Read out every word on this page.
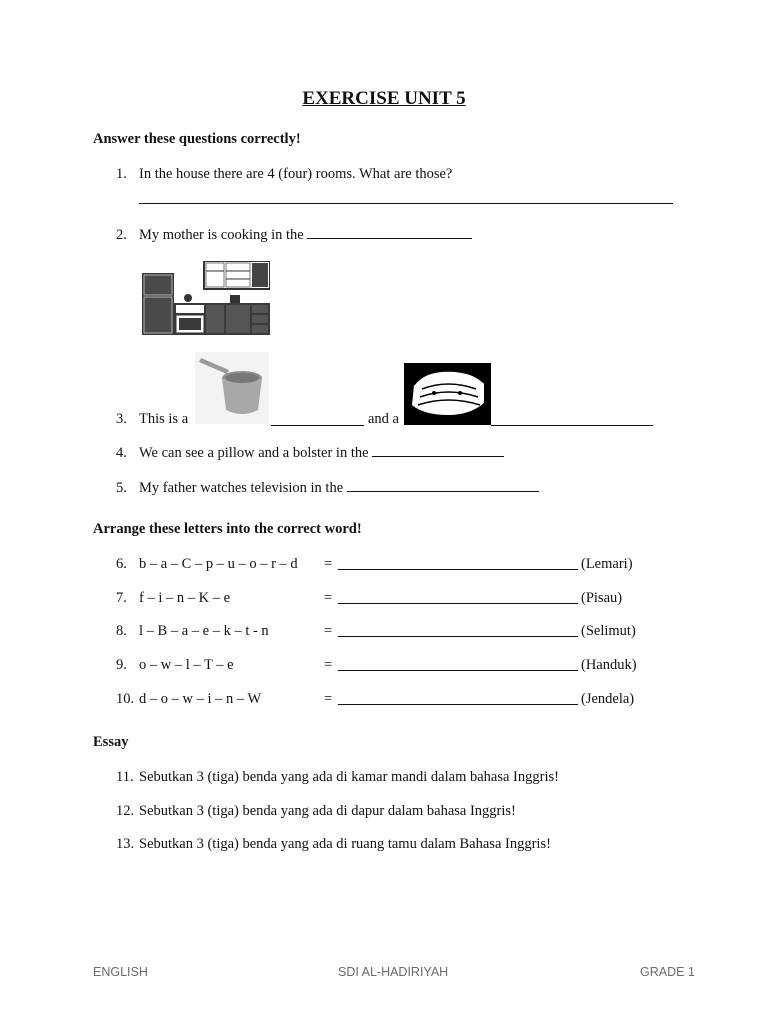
EXERCISE UNIT 5
Answer these questions correctly!
1. In the house there are 4 (four) rooms. What are those?
2. My mother is cooking in the
3. This is a	and a
4. We can see a pillow and a bolster in the
5. My father watches television in the
Arrange these letters into the correct word!
6. b – a – C – p – u – o – r – d =	(Lemari)
7. f – i – n – K – e	=	(Pisau)
8. l – B – a – e – k – t - n	=	(Selimut)
9. o – w – l – T – e	=	(Handuk)
10. d – o – w – i – n – W	=	(Jendela)
Essay
11. Sebutkan 3 (tiga) benda yang ada di kamar mandi dalam bahasa Inggris!
12. Sebutkan 3 (tiga) benda yang ada di dapur dalam bahasa Inggris!
13. Sebutkan 3 (tiga) benda yang ada di ruang tamu dalam Bahasa Inggris!
ENGLISH	SDI AL-HADIRIYAH	GRADE 1
